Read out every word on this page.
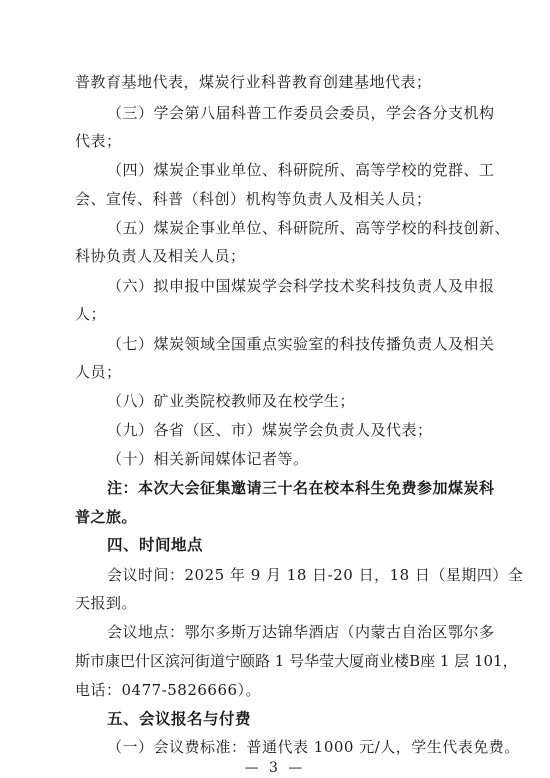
普教育基地代表，煤炭行业科普教育创建基地代表；
（三）学会第八届科普工作委员会委员，学会各分支机构
代表；
（四）煤炭企事业单位、科研院所、高等学校的党群、工
会、宣传、科普（科创）机构等负责人及相关人员；
（五）煤炭企事业单位、科研院所、高等学校的科技创新、
科协负责人及相关人员；
（六）拟申报中国煤炭学会科学技术奖科技负责人及申报
人；
（七）煤炭领域全国重点实验室的科技传播负责人及相关
人员；
（八）矿业类院校教师及在校学生；
（九）各省（区、市）煤炭学会负责人及代表；
（十）相关新闻媒体记者等。
注：本次大会征集邀请三十名在校本科生免费参加煤炭科
普之旅。
四、时间地点
会议时间：2025 年 9 月 18 日-20 日，18 日（星期四）全
天报到。
会议地点：鄂尔多斯万达锦华酒店（内蒙古自治区鄂尔多
斯市康巴什区滨河街道宁颐路 1 号华莹大厦商业楼B座 1 层 101，
电话：0477-5826666）。
五、会议报名与付费
（一）会议费标准：普通代表 1000 元/人，学生代表免费。
— 3 —
